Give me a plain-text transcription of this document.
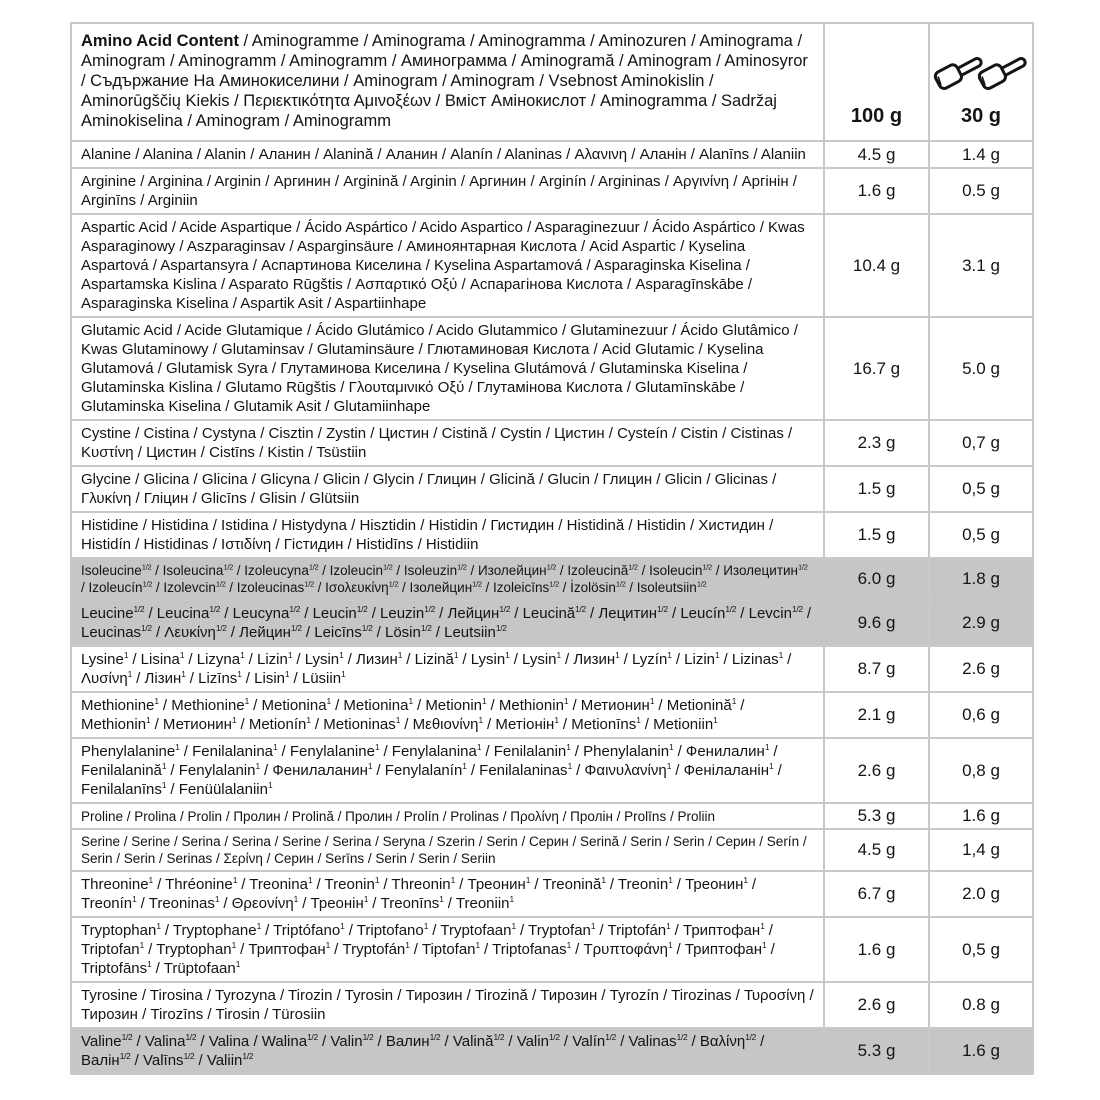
Amino Acid Content / Aminogramme / Aminograma / Aminogramma / Aminozuren / Aminograma / Aminogram / Aminogramm / Aminogramm / Аминограмма / Aminogramă / Aminogram / Aminosyror / Съдържание На Аминокиселини / Aminogram / Aminogram / Vsebnost Aminokislin / Aminorūgščių Kiekis / Περιεκτικότητα Αμινοξέων / Вміст Амінокислот / Aminogramma / Sadržaj Aminokiselina / Aminogram / Aminogramm	100 g	30 g
Alanine / Alanina / Alanin / Аланин / Alanină / Аланин / Alanín / Alaninas / Αλανινη / Аланін / Alanīns / Alaniin	4.5 g	1.4 g
Arginine / Arginina / Arginin / Аргинин / Arginină / Arginin / Аргинин / Arginín / Argininas / Αργινίνη / Аргінін / Arginīns / Arginiin	1.6 g	0.5 g
Aspartic Acid / Acide Aspartique / Ácido Aspártico / Acido Aspartico / Asparaginezuur / Ácido Aspártico / Kwas Asparaginowy / Aszparaginsav / Asparginsäure / Аминоянтарная Кислота / Acid Aspartic / Kyselina Aspartová / Aspartansyra / Аспартинова Киселина / Kyselina Aspartamová / Asparaginska Kiselina / Aspartamska Kislina / Asparato Rūgštis / Ασπαρτικό Οξύ / Аспарагінова Кислота / Asparagīnskābe / Asparaginska Kiselina / Aspartik Asit / Aspartiinhape	10.4 g	3.1 g
Glutamic Acid / Acide Glutamique / Ácido Glutámico / Acido Glutammico / Glutaminezuur / Ácido Glutâmico / Kwas Glutaminowy / Glutaminsav / Glutaminsäure / Глютаминовая Кислота / Acid Glutamic / Kyselina Glutamová / Glutamisk Syra / Глутаминова Киселина / Kyselina Glutámová / Glutaminska Kiselina / Glutaminska Kislina / Glutamo Rūgštis / Γλουταμινικό Οξύ / Глутамінова Кислота / Glutamīnskābe / Glutaminska Kiselina / Glutamik Asit / Glutamiinhape	16.7 g	5.0 g
Cystine / Cistina / Cystyna / Cisztin / Zystin / Цистин / Cistină / Cystin / Цистин / Cysteín / Cistin / Cistinas / Κυστίνη / Цистин / Cistīns / Kistin / Tsüstiin	2.3 g	0,7 g
Glycine / Glicina / Glicina / Glicyna / Glicin / Glycin / Глицин / Glicină / Glucin / Глицин / Glicin / Glicinas / Γλυκίνη / Гліцин / Glicīns / Glisin / Glütsiin	1.5 g	0,5 g
Histidine / Histidina / Istidina / Histydyna / Hisztidin / Histidin / Гистидин / Histidină / Histidin / Хистидин / Histidín / Histidinas / Ιστιδίνη / Гістидин / Histidīns / Histidiin	1.5 g	0,5 g
Isoleucine$^{1/2}$ / Isoleucina$^{1/2}$ / Izoleucyna$^{1/2}$ / Izoleucin$^{1/2}$ / Isoleuzin$^{1/2}$ / Изолейцин$^{1/2}$ / Izoleucină$^{1/2}$ / Isoleucin$^{1/2}$ / Изолецитин$^{1/2}$ / Izoleucín$^{1/2}$ / Izolevcin$^{1/2}$ / Izoleucinas$^{1/2}$ / Ισολευκίνη$^{1/2}$ / Ізолейцин$^{1/2}$ / Izoleicīns$^{1/2}$ / İzolösin$^{1/2}$ / Isoleutsiin$^{1/2}$	6.0 g	1.8 g
Leucine$^{1/2}$ / Leucina$^{1/2}$ / Leucyna$^{1/2}$ / Leucin$^{1/2}$ / Leuzin$^{1/2}$ / Лейцин$^{1/2}$ / Leucină$^{1/2}$ / Лецитин$^{1/2}$ / Leucín$^{1/2}$ / Levcin$^{1/2}$ / Leucinas$^{1/2}$ / Λευκίνη$^{1/2}$ / Лейцин$^{1/2}$ / Leicīns$^{1/2}$ / Lösin$^{1/2}$ / Leutsiin$^{1/2}$	9.6 g	2.9 g
Lysine$^1$ / Lisina$^1$ / Lizyna$^1$ / Lizin$^1$ / Lysin$^1$ / Лизин$^1$ / Lizină$^1$ / Lysin$^1$ / Lysin$^1$ / Лизин$^1$ / Lyzín$^1$ / Lizin$^1$ / Lizinas$^1$ / Λυσίνη$^1$ / Лізин$^1$ / Lizīns$^1$ / Lisin$^1$ / Lüsiin$^1$	8.7 g	2.6 g
Methionine$^1$ / Methionine$^1$ / Metionina$^1$ / Metionina$^1$ / Metionin$^1$ / Methionin$^1$ / Метионин$^1$ / Metionină$^1$ / Methionin$^1$ / Метионин$^1$ / Metionín$^1$ / Metioninas$^1$ / Μεθιονίνη$^1$ / Метіонін$^1$ / Metionīns$^1$ / Metioniin$^1$	2.1 g	0,6 g
Phenylalanine$^1$ / Fenilalanina$^1$ / Fenylalanine$^1$ / Fenylalanina$^1$ / Fenilalanin$^1$ / Phenylalanin$^1$ / Фенилалин$^1$ / Fenilalanină$^1$ / Fenylalanin$^1$ / Фенилаланин$^1$ / Fenylalanín$^1$ / Fenilalaninas$^1$ / Φαινυλανίνη$^1$ / Фенілаланін$^1$ / Fenilalanīns$^1$ / Fenüülalaniin$^1$	2.6 g	0,8 g
Proline / Prolina / Prolin / Пролин / Prolină / Пролин / Prolín / Prolinas / Προλίνη / Пролін / Prolīns / Proliin	5.3 g	1.6 g
Serine / Serine / Serina / Serina / Serine / Serina / Seryna / Szerin / Serin / Серин / Serină / Serin / Serin / Серин / Serín / Serin / Serin / Serinas / Σερίνη / Серин / Serīns / Serin / Serin / Seriin	4.5 g	1,4 g
Threonine$^1$ / Thréonine$^1$ / Treonina$^1$ / Treonin$^1$ / Threonin$^1$ / Треонин$^1$ / Treonină$^1$ / Treonin$^1$ / Треонин$^1$ / Treonín$^1$ / Treoninas$^1$ / Θρεονίνη$^1$ / Треонін$^1$ / Treonīns$^1$ / Treoniin$^1$	6.7 g	2.0 g
Tryptophan$^1$ / Tryptophane$^1$ / Triptófano$^1$ / Triptofano$^1$ / Tryptofaan$^1$ / Tryptofan$^1$ / Triptofán$^1$ / Триптофан$^1$ / Triptofan$^1$ / Tryptophan$^1$ / Триптофан$^1$ / Tryptofán$^1$ / Tiptofan$^1$ / Triptofanas$^1$ / Τρυπτοφάνη$^1$ / Триптофан$^1$ / Triptofāns$^1$ / Trüptofaan$^1$	1.6 g	0,5 g
Tyrosine / Tirosina / Tyrozyna / Tirozin / Tyrosin / Тирозин / Tirozină / Тирозин / Tyrozín / Tirozinas / Τυροσίνη / Тирозин / Tirozīns / Tirosin / Türosiin	2.6 g	0.8 g
Valine$^{1/2}$ / Valina$^{1/2}$ / Valina / Walina$^{1/2}$ / Valin$^{1/2}$ / Валин$^{1/2}$ / Valină$^{1/2}$ / Valin$^{1/2}$ / Valín$^{1/2}$ / Valinas$^{1/2}$ / Βαλίνη$^{1/2}$ / Валін$^{1/2}$ / Valīns$^{1/2}$ / Valiin$^{1/2}$	5.3 g	1.6 g
